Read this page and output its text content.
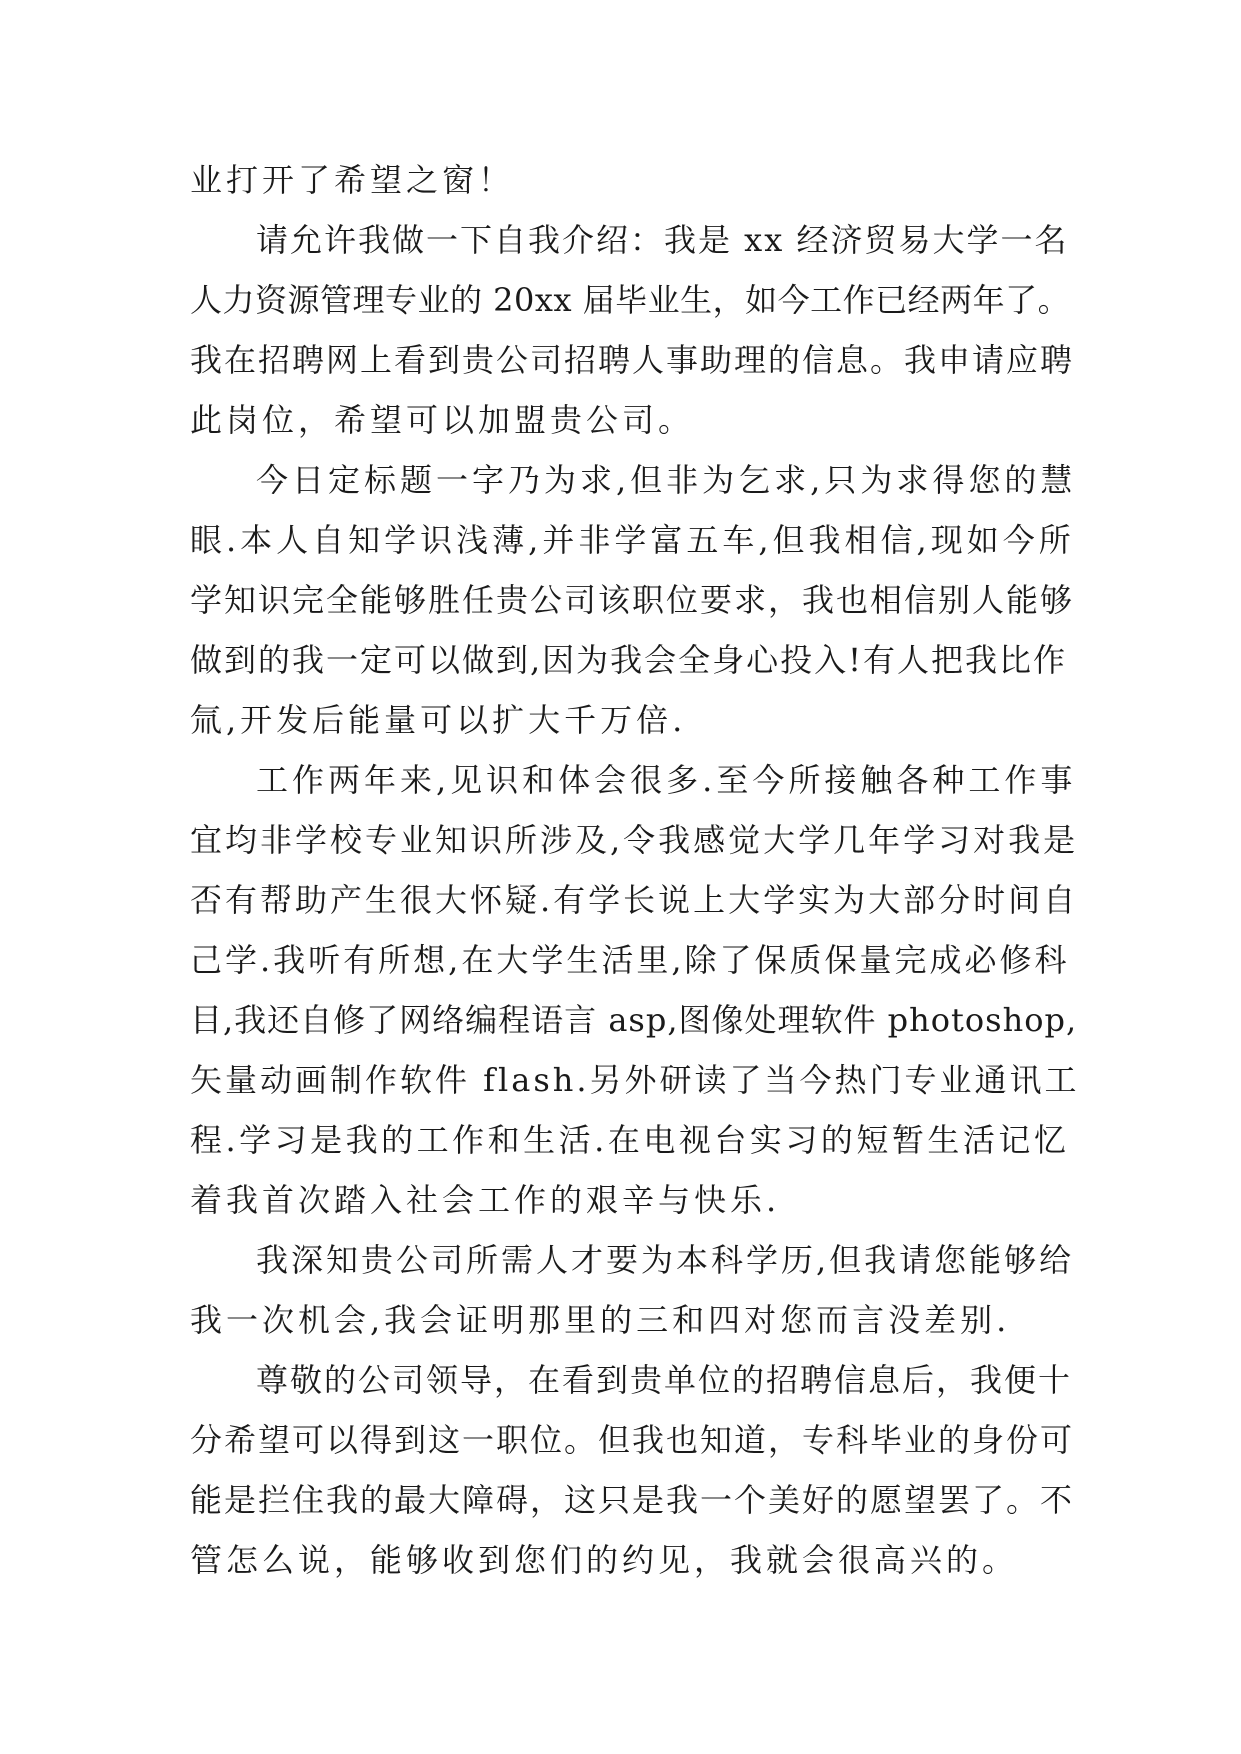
业打开了希望之窗！
请允许我做一下自我介绍：我是 xx 经济贸易大学一名
人力资源管理专业的 20xx 届毕业生，如今工作已经两年了。
我在招聘网上看到贵公司招聘人事助理的信息。我申请应聘
此岗位，希望可以加盟贵公司。
今日定标题一字乃为求,但非为乞求,只为求得您的慧
眼.本人自知学识浅薄,并非学富五车,但我相信,现如今所
学知识完全能够胜任贵公司该职位要求，我也相信别人能够
做到的我一定可以做到,因为我会全身心投入!有人把我比作
氚,开发后能量可以扩大千万倍.
工作两年来,见识和体会很多.至今所接触各种工作事
宜均非学校专业知识所涉及,令我感觉大学几年学习对我是
否有帮助产生很大怀疑.有学长说上大学实为大部分时间自
己学.我听有所想,在大学生活里,除了保质保量完成必修科
目,我还自修了网络编程语言 asp,图像处理软件 photoshop,
矢量动画制作软件 flash.另外研读了当今热门专业通讯工
程.学习是我的工作和生活.在电视台实习的短暂生活记忆
着我首次踏入社会工作的艰辛与快乐.
我深知贵公司所需人才要为本科学历,但我请您能够给
我一次机会,我会证明那里的三和四对您而言没差别.
尊敬的公司领导，在看到贵单位的招聘信息后，我便十
分希望可以得到这一职位。但我也知道，专科毕业的身份可
能是拦住我的最大障碍，这只是我一个美好的愿望罢了。不
管怎么说，能够收到您们的约见，我就会很高兴的。
